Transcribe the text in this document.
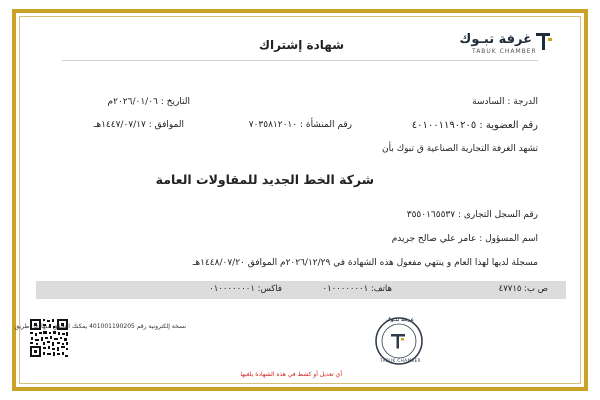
غرفة تبـوك
TABUK CHAMBER
شهادة إشتراك
الدرجة : السادسة
التاريخ : ٢٠٢٦/٠١/٠٦م
رقم العضوية : ٤٠١٠٠١١٩٠٢٠٥
رقم المنشأة : ٧٠٣٥٨١٢٠١٠
الموافق : ١٤٤٧/٠٧/١٧هـ
تشهد الغرفة التجارية الصناعية ق تبوك بأن
شركة الخط الجديد للمقاولات العامة
رقم السجل التجارى : ٣٥٥٠١٦٥٥٣٧
اسم المسؤول : عامر علي صالح جريدم
مسجلة لديها لهذا العام و ينتهي مفعول هذه الشهادة في ٢٠٢٦/١٢/٢٩م الموافق ١٤٤٨/٠٧/٢٠هـ
ص ب: ٤٧٧١٥
هاتف: ٠١٠٠٠٠٠٠٠١
فاكس: ٠١٠٠٠٠٠٠٠١
نسخة إلكترونية رقم 401001190205 يمكنك التحقق منها عن طريق
غرفة تبـوك
TABUK CHAMBER
أي تعديل أو كشط في هذه الشهادة يلغيها
